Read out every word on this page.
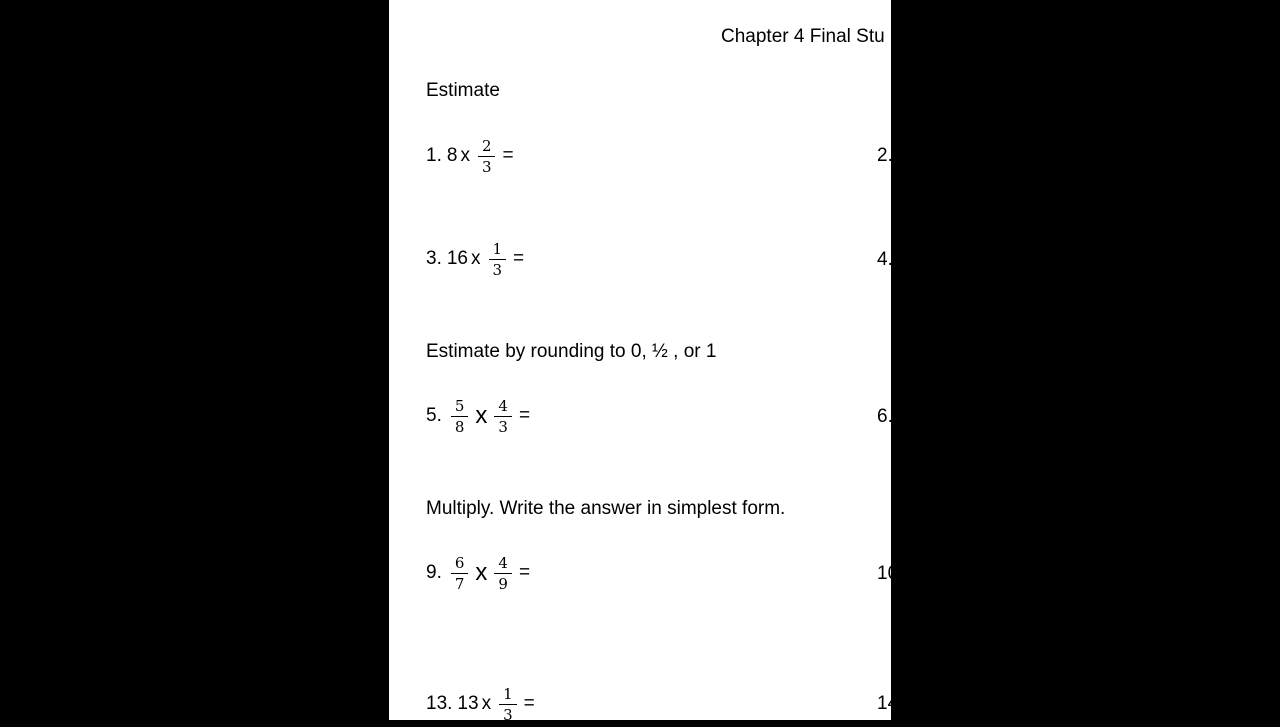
Chapter 4 Final Stu
Estimate
1. 8 x $\frac{2}{3}$ =	2.
3. 16 x $\frac{1}{3}$ =	4.
Estimate by rounding to 0, ½ , or 1
5. $\frac{5}{8}$ x $\frac{4}{3}$ =	6.
Multiply. Write the answer in simplest form.
9. $\frac{6}{7}$ x $\frac{4}{9}$ =	10
13. 13 x $\frac{1}{3}$ =	14
